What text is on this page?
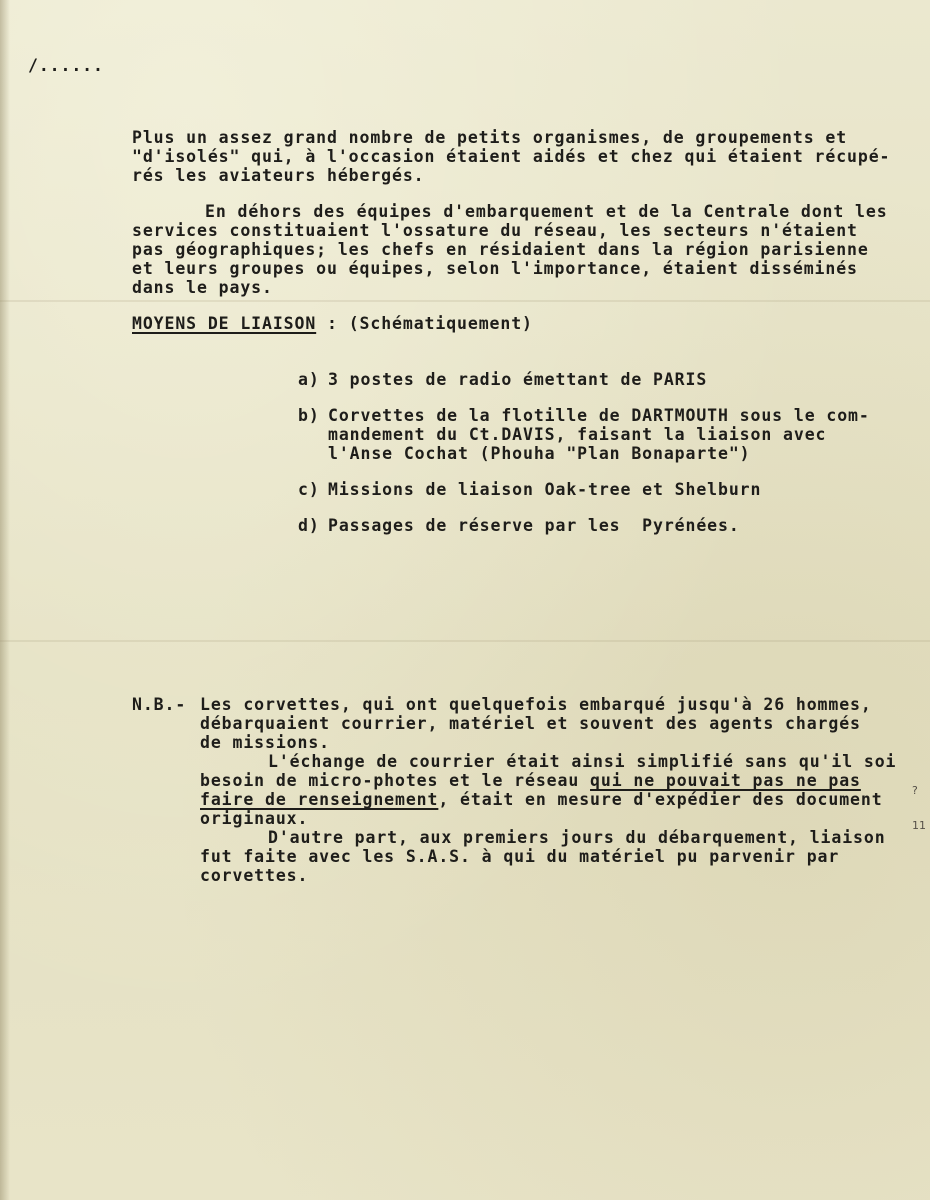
/......
Plus un assez grand nombre de petits organismes, de groupements et
"d'isolés" qui, à l'occasion étaient aidés et chez qui étaient récupé-
rés les aviateurs hébergés.
En déhors des équipes d'embarquement et de la Centrale dont les
services constituaient l'ossature du réseau, les secteurs n'étaient
pas géographiques; les chefs en résidaient dans la région parisienne
et leurs groupes ou équipes, selon l'importance, étaient disséminés
dans le pays.
MOYENS DE LIAISON : (Schématiquement)
a) 3 postes de radio émettant de PARIS
b) Corvettes de la flotille de DARTMOUTH sous le com-
mandement du Ct.DAVIS, faisant la liaison avec
l'Anse Cochat (Phouha "Plan Bonaparte")
c) Missions de liaison Oak-tree et Shelburn
d) Passages de réserve par les  Pyrénées.
N.B.- Les corvettes, qui ont quelquefois embarqué jusqu'à 26 hommes,
débarquaient courrier, matériel et souvent des agents chargés
de missions.
L'échange de courrier était ainsi simplifié sans qu'il soi
besoin de micro-photes et le réseau qui ne pouvait pas ne pas
faire de renseignement, était en mesure d'expédier des document
originaux.
D'autre part, aux premiers jours du débarquement, liaison
fut faite avec les S.A.S. à qui du matériel pu parvenir par
corvettes.
?
11
